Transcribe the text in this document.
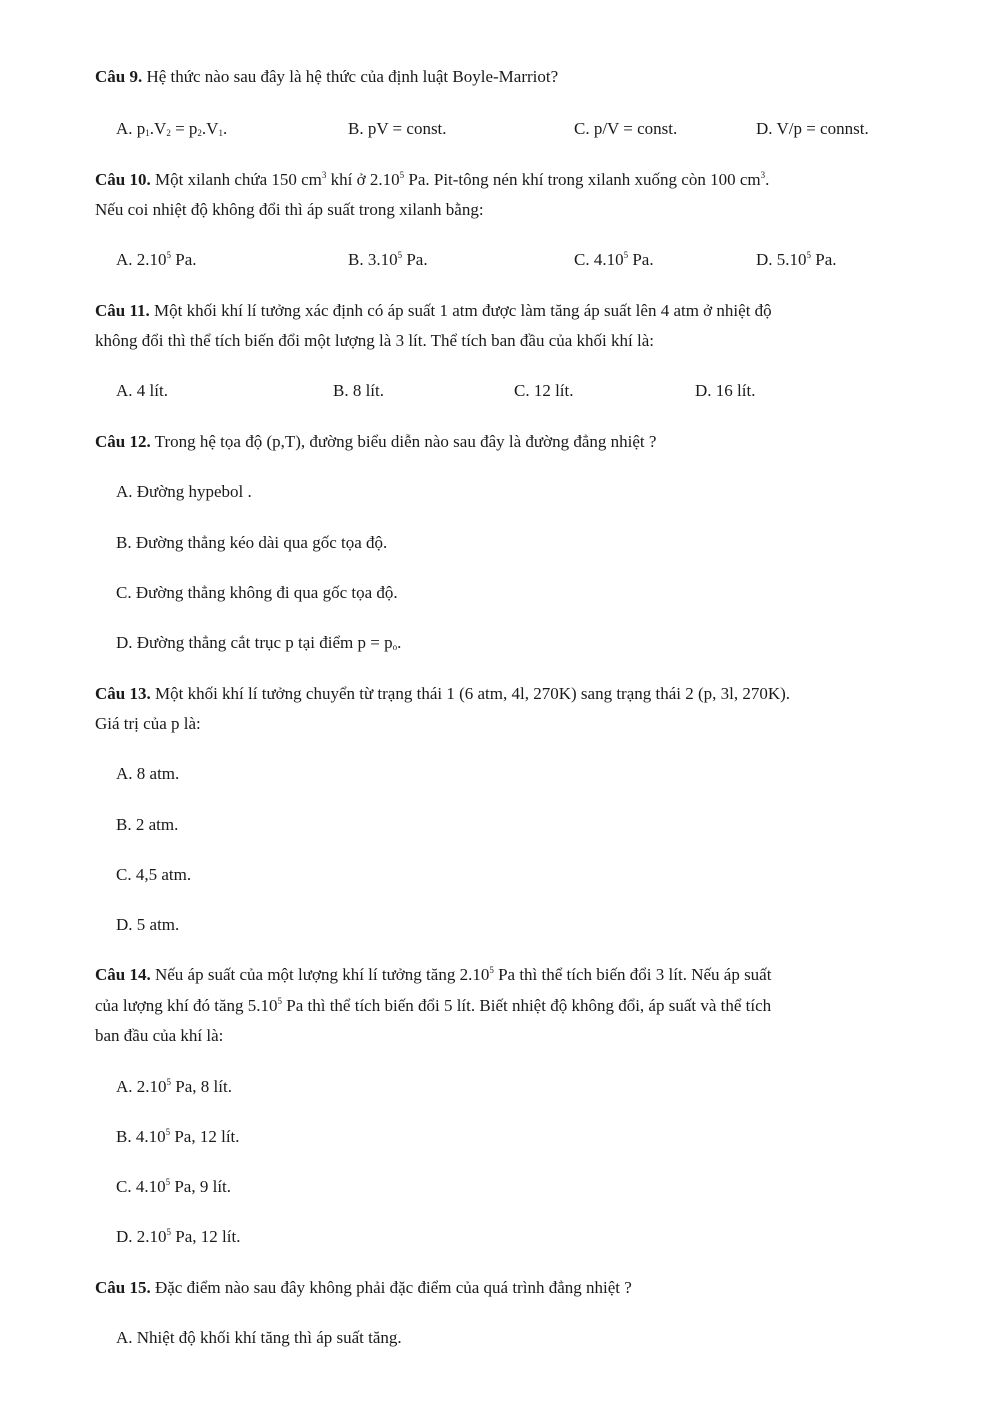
Câu 9. Hệ thức nào sau đây là hệ thức của định luật Boyle-Marriot?
A. $p_1.V_2 = p_2.V_1$.	B. pV = const.	C. p/V = const.	D. V/p = connst.
Câu 10. Một xilanh chứa 150 $cm^3$ khí ở 2.10$^5$ Pa. Pit-tông nén khí trong xilanh xuống còn 100 $cm^3$.
Nếu coi nhiệt độ không đổi thì áp suất trong xilanh bằng:
A. 2.10$^5$ Pa.	B. 3.10$^5$ Pa.	C. 4.10$^5$ Pa.	D. 5.10$^5$ Pa.
Câu 11. Một khối khí lí tưởng xác định có áp suất 1 atm được làm tăng áp suất lên 4 atm ở nhiệt độ
không đổi thì thể tích biến đổi một lượng là 3 lít. Thể tích ban đầu của khối khí là:
A. 4 lít.	B. 8 lít.	C. 12 lít.	D. 16 lít.
Câu 12. Trong hệ tọa độ (p,T), đường biểu diễn nào sau đây là đường đẳng nhiệt ?
A. Đường hypebol .
B. Đường thẳng kéo dài qua gốc tọa độ.
C. Đường thẳng không đi qua gốc tọa độ.
D. Đường thẳng cắt trục p tại điểm $p = p_o$.
Câu 13. Một khối khí lí tưởng chuyển từ trạng thái 1 (6 atm, 4l, 270K) sang trạng thái 2 (p, 3l, 270K).
Giá trị của p là:
A. 8 atm.
B. 2 atm.
C. 4,5 atm.
D. 5 atm.
Câu 14. Nếu áp suất của một lượng khí lí tưởng tăng 2.10$^5$ Pa thì thể tích biến đổi 3 lít. Nếu áp suất
của lượng khí đó tăng 5.10$^5$ Pa thì thể tích biến đổi 5 lít. Biết nhiệt độ không đổi, áp suất và thể tích
ban đầu của khí là:
A. 2.10$^5$ Pa, 8 lít.
B. 4.10$^5$ Pa, 12 lít.
C. 4.10$^5$ Pa, 9 lít.
D. 2.10$^5$ Pa, 12 lít.
Câu 15. Đặc điểm nào sau đây không phải đặc điểm của quá trình đẳng nhiệt ?
A. Nhiệt độ khối khí tăng thì áp suất tăng.
